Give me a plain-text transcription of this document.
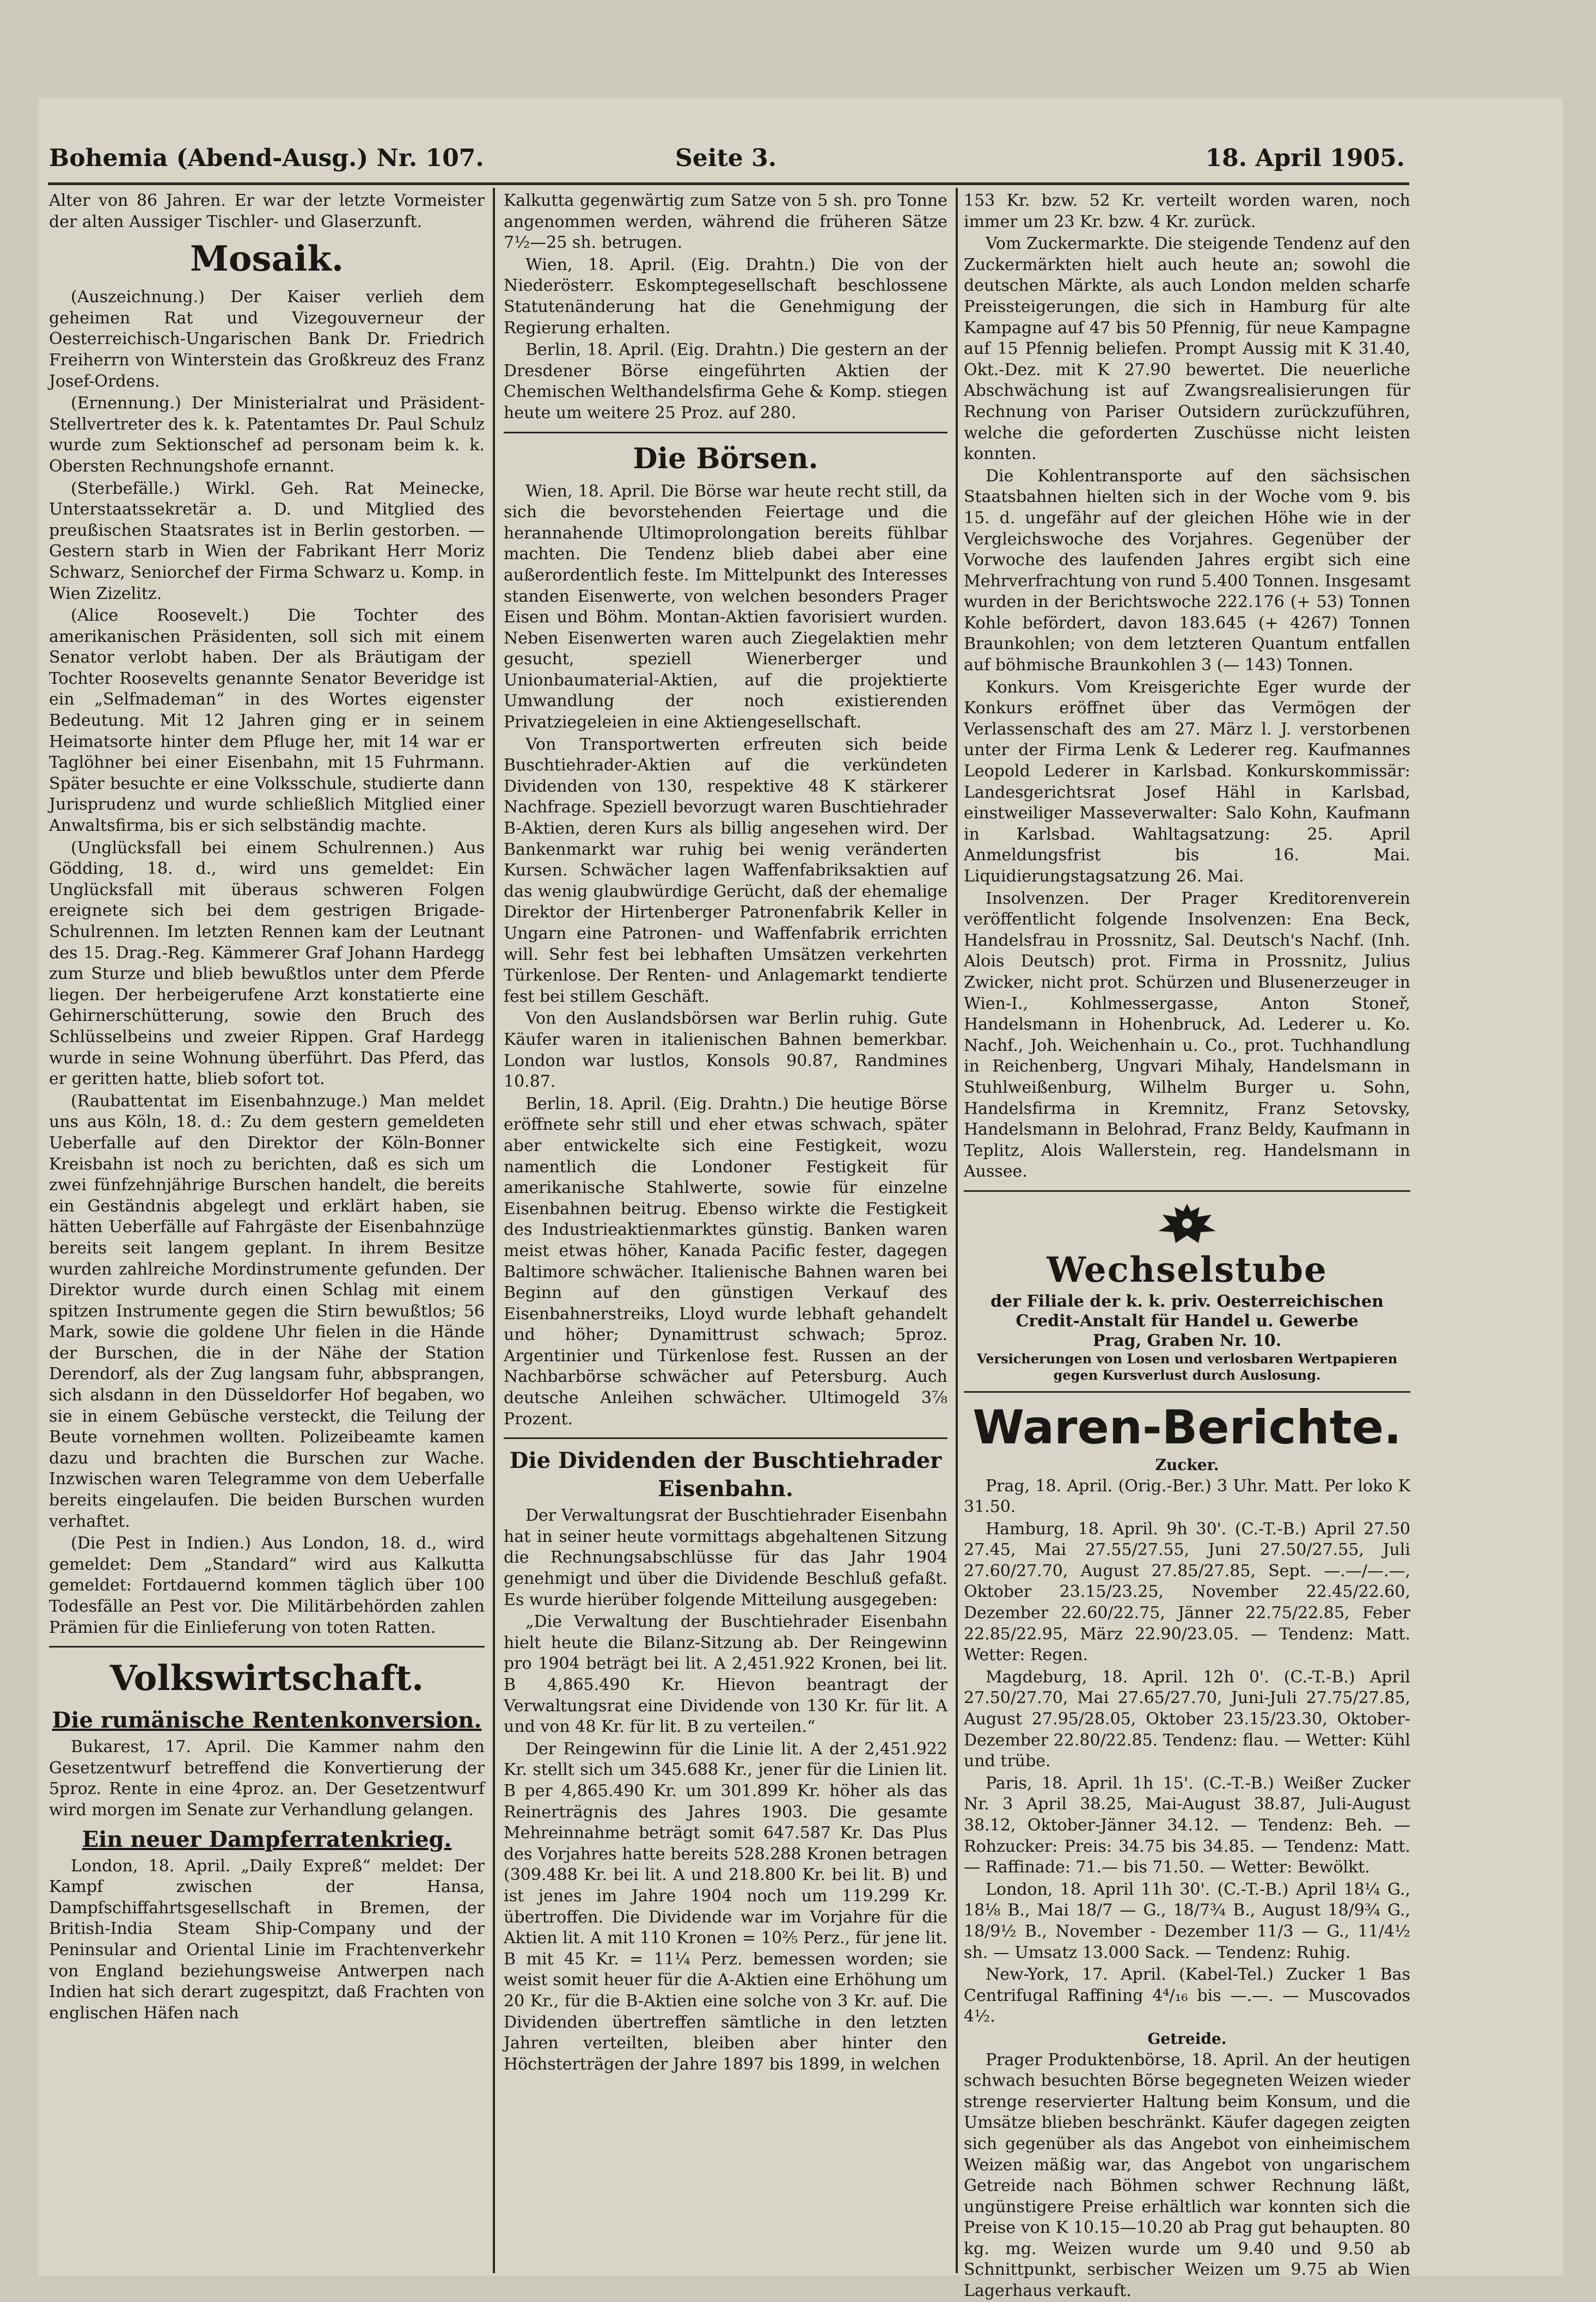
Bohemia (Abend-Ausg.) Nr. 107.	Seite 3.	18. April 1905.

Alter von 86 Jahren. Er war der letzte Vormeister der alten Aussiger Tischler- und Glaserzunft.

Mosaik.

(Auszeichnung.) Der Kaiser verlieh dem geheimen Rat und Vizegouverneur der Oesterreichisch-Ungarischen Bank Dr. Friedrich Freiherrn von Winterstein das Großkreuz des Franz Josef-Ordens.

(Ernennung.) Der Ministerialrat und Präsident-Stellvertreter des k. k. Patentamtes Dr. Paul Schulz wurde zum Sektionschef ad personam beim k. k. Obersten Rechnungshofe ernannt.

(Sterbefälle.) Wirkl. Geh. Rat Meinecke, Unterstaatssekretär a. D. und Mitglied des preußischen Staatsrates ist in Berlin gestorben. — Gestern starb in Wien der Fabrikant Herr Moriz Schwarz, Seniorchef der Firma Schwarz u. Komp. in Wien Zizelitz.

(Alice Roosevelt.) Die Tochter des amerikanischen Präsidenten, soll sich mit einem Senator verlobt haben. Der als Bräutigam der Tochter Roosevelts genannte Senator Beveridge ist ein „Selfmademan“ in des Wortes eigenster Bedeutung. Mit 12 Jahren ging er in seinem Heimatsorte hinter dem Pfluge her, mit 14 war er Taglöhner bei einer Eisenbahn, mit 15 Fuhrmann. Später besuchte er eine Volksschule, studierte dann Jurisprudenz und wurde schließlich Mitglied einer Anwaltsfirma, bis er sich selbständig machte.

(Unglücksfall bei einem Schulrennen.) Aus Gödding, 18. d., wird uns gemeldet: Ein Unglücksfall mit überaus schweren Folgen ereignete sich bei dem gestrigen Brigade-Schulrennen. Im letzten Rennen kam der Leutnant des 15. Drag.-Reg. Kämmerer Graf Johann Hardegg zum Sturze und blieb bewußtlos unter dem Pferde liegen. Der herbeigerufene Arzt konstatierte eine Gehirnerschütterung, sowie den Bruch des Schlüsselbeins und zweier Rippen. Graf Hardegg wurde in seine Wohnung überführt. Das Pferd, das er geritten hatte, blieb sofort tot.

(Raubattentat im Eisenbahnzuge.) Man meldet uns aus Köln, 18. d.: Zu dem gestern gemeldeten Ueberfalle auf den Direktor der Köln-Bonner Kreisbahn ist noch zu berichten, daß es sich um zwei fünfzehnjährige Burschen handelt, die bereits ein Geständnis abgelegt und erklärt haben, sie hätten Ueberfälle auf Fahrgäste der Eisenbahnzüge bereits seit langem geplant. In ihrem Besitze wurden zahlreiche Mordinstrumente gefunden. Der Direktor wurde durch einen Schlag mit einem spitzen Instrumente gegen die Stirn bewußtlos; 56 Mark, sowie die goldene Uhr fielen in die Hände der Burschen, die in der Nähe der Station Derendorf, als der Zug langsam fuhr, abbsprangen, sich alsdann in den Düsseldorfer Hof begaben, wo sie in einem Gebüsche versteckt, die Teilung der Beute vornehmen wollten. Polizeibeamte kamen dazu und brachten die Burschen zur Wache. Inzwischen waren Telegramme von dem Ueberfalle bereits eingelaufen. Die beiden Burschen wurden verhaftet.

(Die Pest in Indien.) Aus London, 18. d., wird gemeldet: Dem „Standard“ wird aus Kalkutta gemeldet: Fortdauernd kommen täglich über 100 Todesfälle an Pest vor. Die Militärbehörden zahlen Prämien für die Einlieferung von toten Ratten.

Volkswirtschaft.
Die rumänische Rentenkonversion.

Bukarest, 17. April. Die Kammer nahm den Gesetzentwurf betreffend die Konvertierung der 5proz. Rente in eine 4proz. an. Der Gesetzentwurf wird morgen im Senate zur Verhandlung gelangen.

Ein neuer Dampferratenkrieg.

London, 18. April. „Daily Expreß“ meldet: Der Kampf zwischen der Hansa, Dampfschiffahrtsgesellschaft in Bremen, der British-India Steam Ship-Company und der Peninsular and Oriental Linie im Frachtenverkehr von England beziehungsweise Antwerpen nach Indien hat sich derart zugespitzt, daß Frachten von englischen Häfen nach

Kalkutta gegenwärtig zum Satze von 5 sh. pro Tonne angenommen werden, während die früheren Sätze 7½—25 sh. betrugen.

Wien, 18. April. (Eig. Drahtn.) Die von der Niederösterr. Eskomptegesellschaft beschlossene Statutenänderung hat die Genehmigung der Regierung erhalten.

Berlin, 18. April. (Eig. Drahtn.) Die gestern an der Dresdener Börse eingeführten Aktien der Chemischen Welthandelsfirma Gehe & Komp. stiegen heute um weitere 25 Proz. auf 280.

Die Börsen.

Wien, 18. April. Die Börse war heute recht still, da sich die bevorstehenden Feiertage und die herannahende Ultimoprolongation bereits fühlbar machten. Die Tendenz blieb dabei aber eine außerordentlich feste. Im Mittelpunkt des Interesses standen Eisenwerte, von welchen besonders Prager Eisen und Böhm. Montan-Aktien favorisiert wurden. Neben Eisenwerten waren auch Ziegelaktien mehr gesucht, speziell Wienerberger und Unionbaumaterial-Aktien, auf die projektierte Umwandlung der noch existierenden Privatziegeleien in eine Aktiengesellschaft.

Von Transportwerten erfreuten sich beide Buschtiehrader-Aktien auf die verkündeten Dividenden von 130, respektive 48 K stärkerer Nachfrage. Speziell bevorzugt waren Buschtiehrader B-Aktien, deren Kurs als billig angesehen wird. Der Bankenmarkt war ruhig bei wenig veränderten Kursen. Schwächer lagen Waffenfabriksaktien auf das wenig glaubwürdige Gerücht, daß der ehemalige Direktor der Hirtenberger Patronenfabrik Keller in Ungarn eine Patronen- und Waffenfabrik errichten will. Sehr fest bei lebhaften Umsätzen verkehrten Türkenlose. Der Renten- und Anlagemarkt tendierte fest bei stillem Geschäft.

Von den Auslandsbörsen war Berlin ruhig. Gute Käufer waren in italienischen Bahnen bemerkbar. London war lustlos, Konsols 90.87, Randmines 10.87.

Berlin, 18. April. (Eig. Drahtn.) Die heutige Börse eröffnete sehr still und eher etwas schwach, später aber entwickelte sich eine Festigkeit, wozu namentlich die Londoner Festigkeit für amerikanische Stahlwerte, sowie für einzelne Eisenbahnen beitrug. Ebenso wirkte die Festigkeit des Industrieaktienmarktes günstig. Banken waren meist etwas höher, Kanada Pacific fester, dagegen Baltimore schwächer. Italienische Bahnen waren bei Beginn auf den günstigen Verkauf des Eisenbahnerstreiks, Lloyd wurde lebhaft gehandelt und höher; Dynamittrust schwach; 5proz. Argentinier und Türkenlose fest. Russen an der Nachbarbörse schwächer auf Petersburg. Auch deutsche Anleihen schwächer. Ultimogeld 3⅞ Prozent.

Die Dividenden der Buschtiehrader Eisenbahn.

Der Verwaltungsrat der Buschtiehrader Eisenbahn hat in seiner heute vormittags abgehaltenen Sitzung die Rechnungsabschlüsse für das Jahr 1904 genehmigt und über die Dividende Beschluß gefaßt. Es wurde hierüber folgende Mitteilung ausgegeben:

„Die Verwaltung der Buschtiehrader Eisenbahn hielt heute die Bilanz-Sitzung ab. Der Reingewinn pro 1904 beträgt bei lit. A 2,451.922 Kronen, bei lit. B 4,865.490 Kr. Hievon beantragt der Verwaltungsrat eine Dividende von 130 Kr. für lit. A und von 48 Kr. für lit. B zu verteilen.“

Der Reingewinn für die Linie lit. A der 2,451.922 Kr. stellt sich um 345.688 Kr., jener für die Linien lit. B per 4,865.490 Kr. um 301.899 Kr. höher als das Reinerträgnis des Jahres 1903. Die gesamte Mehreinnahme beträgt somit 647.587 Kr. Das Plus des Vorjahres hatte bereits 528.288 Kronen betragen (309.488 Kr. bei lit. A und 218.800 Kr. bei lit. B) und ist jenes im Jahre 1904 noch um 119.299 Kr. übertroffen. Die Dividende war im Vorjahre für die Aktien lit. A mit 110 Kronen = 10⅖ Perz., für jene lit. B mit 45 Kr. = 11¼ Perz. bemessen worden; sie weist somit heuer für die A-Aktien eine Erhöhung um 20 Kr., für die B-Aktien eine solche von 3 Kr. auf. Die Dividenden übertreffen sämtliche in den letzten Jahren verteilten, bleiben aber hinter den Höchsterträgen der Jahre 1897 bis 1899, in welchen

153 Kr. bzw. 52 Kr. verteilt worden waren, noch immer um 23 Kr. bzw. 4 Kr. zurück.

Vom Zuckermarkte. Die steigende Tendenz auf den Zuckermärkten hielt auch heute an; sowohl die deutschen Märkte, als auch London melden scharfe Preissteigerungen, die sich in Hamburg für alte Kampagne auf 47 bis 50 Pfennig, für neue Kampagne auf 15 Pfennig beliefen. Prompt Aussig mit K 31.40, Okt.-Dez. mit K 27.90 bewertet. Die neuerliche Abschwächung ist auf Zwangsrealisierungen für Rechnung von Pariser Outsidern zurückzuführen, welche die geforderten Zuschüsse nicht leisten konnten.

Die Kohlentransporte auf den sächsischen Staatsbahnen hielten sich in der Woche vom 9. bis 15. d. ungefähr auf der gleichen Höhe wie in der Vergleichswoche des Vorjahres. Gegenüber der Vorwoche des laufenden Jahres ergibt sich eine Mehrverfrachtung von rund 5.400 Tonnen. Insgesamt wurden in der Berichtswoche 222.176 (+ 53) Tonnen Kohle befördert, davon 183.645 (+ 4267) Tonnen Braunkohlen; von dem letzteren Quantum entfallen auf böhmische Braunkohlen 3 (— 143) Tonnen.

Konkurs. Vom Kreisgerichte Eger wurde der Konkurs eröffnet über das Vermögen der Verlassenschaft des am 27. März l. J. verstorbenen unter der Firma Lenk & Lederer reg. Kaufmannes Leopold Lederer in Karlsbad. Konkurskommissär: Landesgerichtsrat Josef Hähl in Karlsbad, einstweiliger Masseverwalter: Salo Kohn, Kaufmann in Karlsbad. Wahltagsatzung: 25. April Anmeldungsfrist bis 16. Mai. Liquidierungstagsatzung 26. Mai.

Insolvenzen. Der Prager Kreditorenverein veröffentlicht folgende Insolvenzen: Ena Beck, Handelsfrau in Prossnitz, Sal. Deutsch's Nachf. (Inh. Alois Deutsch) prot. Firma in Prossnitz, Julius Zwicker, nicht prot. Schürzen und Blusenerzeuger in Wien-I., Kohlmessergasse, Anton Stoneř, Handelsmann in Hohenbruck, Ad. Lederer u. Ko. Nachf., Joh. Weichenhain u. Co., prot. Tuchhandlung in Reichenberg, Ungvari Mihaly, Handelsmann in Stuhlweißenburg, Wilhelm Burger u. Sohn, Handelsfirma in Kremnitz, Franz Setovsky, Handelsmann in Belohrad, Franz Beldy, Kaufmann in Teplitz, Alois Wallerstein, reg. Handelsmann in Aussee.

Wechselstube
der Filiale der k. k. priv. Oesterreichischen
Credit-Anstalt für Handel u. Gewerbe
Prag, Graben Nr. 10.
Versicherungen von Losen und verlosbaren Wertpapieren gegen Kursverlust durch Auslosung.
Waren-Berichte.
Zucker.

Prag, 18. April. (Orig.-Ber.) 3 Uhr. Matt. Per loko K 31.50.

Hamburg, 18. April. 9h 30'. (C.-T.-B.) April 27.50 27.45, Mai 27.55/27.55, Juni 27.50/27.55, Juli 27.60/27.70, August 27.85/27.85, Sept. —.—/—.—, Oktober 23.15/23.25, November 22.45/22.60, Dezember 22.60/22.75, Jänner 22.75/22.85, Feber 22.85/22.95, März 22.90/23.05. — Tendenz: Matt. Wetter: Regen.

Magdeburg, 18. April. 12h 0'. (C.-T.-B.) April 27.50/27.70, Mai 27.65/27.70, Juni-Juli 27.75/27.85, August 27.95/28.05, Oktober 23.15/23.30, Oktober-Dezember 22.80/22.85. Tendenz: flau. — Wetter: Kühl und trübe.

Paris, 18. April. 1h 15'. (C.-T.-B.) Weißer Zucker Nr. 3 April 38.25, Mai-August 38.87, Juli-August 38.12, Oktober-Jänner 34.12. — Tendenz: Beh. — Rohzucker: Preis: 34.75 bis 34.85. — Tendenz: Matt. — Raffinade: 71.— bis 71.50. — Wetter: Bewölkt.

London, 18. April 11h 30'. (C.-T.-B.) April 18¼ G., 18⅛ B., Mai 18/7 — G., 18/7¾ B., August 18/9¾ G., 18/9½ B., November - Dezember 11/3 — G., 11/4½ sh. — Umsatz 13.000 Sack. — Tendenz: Ruhig.

New-York, 17. April. (Kabel-Tel.) Zucker 1 Bas Centrifugal Raffining 4⁴/₁₆ bis —.—. — Muscovados 4½.

Getreide.

Prager Produktenbörse, 18. April. An der heutigen schwach besuchten Börse begegneten Weizen wieder strenge reservierter Haltung beim Konsum, und die Umsätze blieben beschränkt. Käufer dagegen zeigten sich gegenüber als das Angebot von einheimischem Weizen mäßig war, das Angebot von ungarischem Getreide nach Böhmen schwer Rechnung läßt, ungünstigere Preise erhältlich war konnten sich die Preise von K 10.15—10.20 ab Prag gut behaupten. 80 kg. mg. Weizen wurde um 9.40 und 9.50 ab Schnittpunkt, serbischer Weizen um 9.75 ab Wien Lagerhaus verkauft.
